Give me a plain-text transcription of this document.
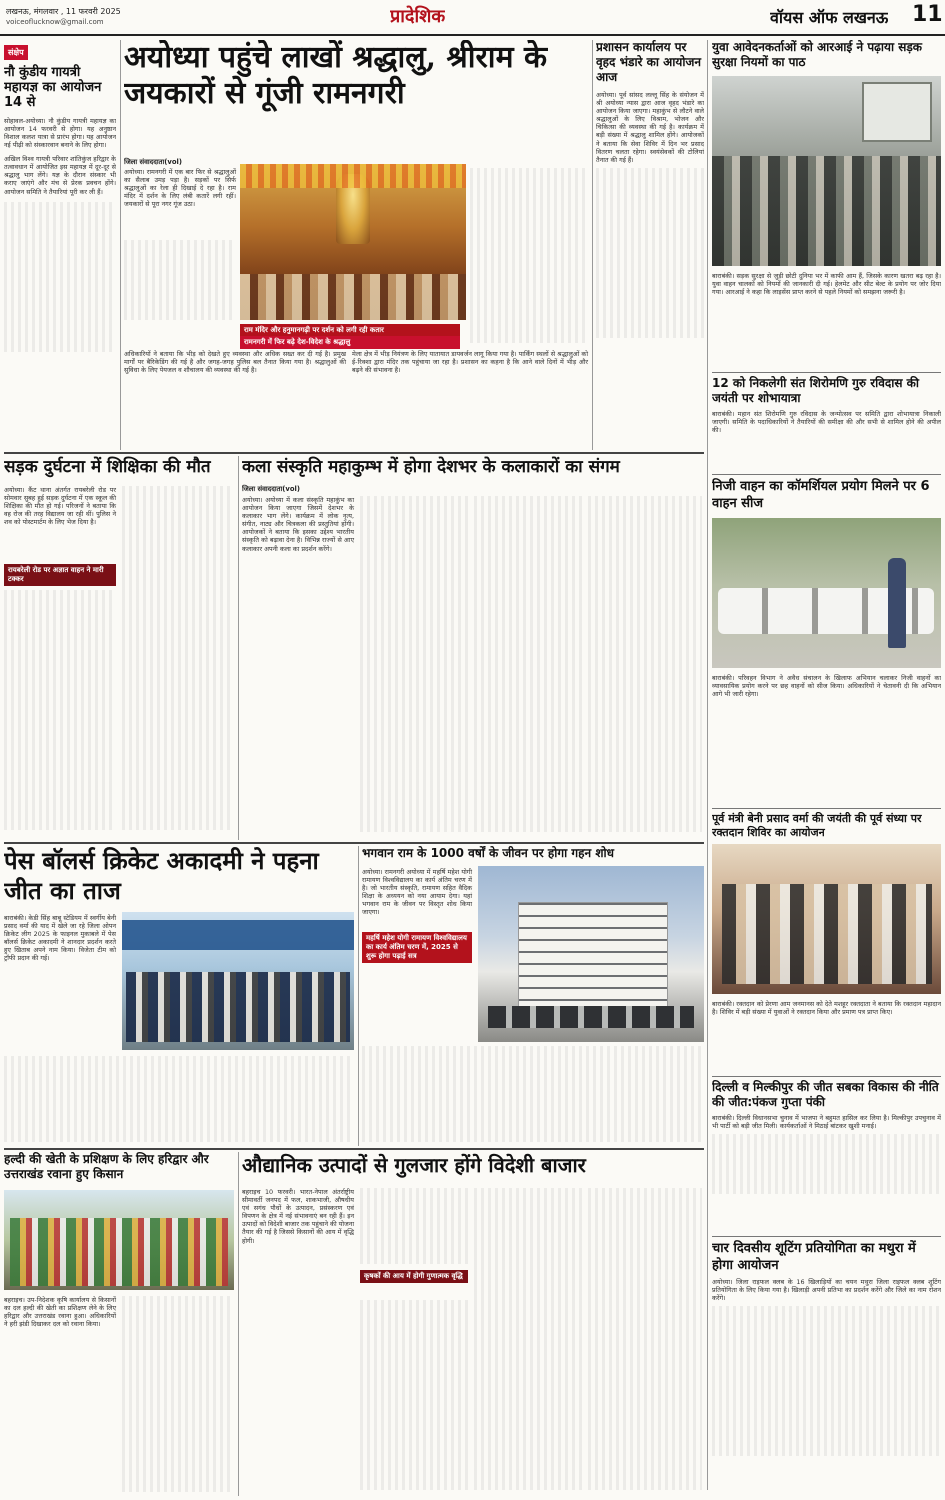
लखनऊ, मंगलवार , 11 फरवरी 2025
voiceoflucknow@gmail.com	प्रादेशिक	वॉयस ऑफ लखनऊ 11
संक्षेप
नौ कुंडीय गायत्री महायज्ञ का आयोजन 14 से
सोहावल-अयोध्या। नौ कुंडीय गायत्री महायज्ञ का आयोजन 14 फरवरी से होगा। यह अनुष्ठान विशाल कलश यात्रा से प्रारंभ होगा। यह आयोजन नई पीढ़ी को संस्कारवान बनाने के लिए होगा।
अखिल विश्व गायत्री परिवार शांतिकुंज हरिद्वार के तत्वावधान में आयोजित इस महायज्ञ में दूर-दूर से श्रद्धालु भाग लेंगे। यज्ञ के दौरान संस्कार भी कराए जाएंगे और मंच से प्रेरक प्रवचन होंगे। आयोजन समिति ने तैयारियां पूरी कर ली हैं।
अयोध्या पहुंचे लाखों श्रद्धालु, श्रीराम के जयकारों से गूंजी रामनगरी
जिला संवाददाता(vol)
अयोध्या। रामनगरी में एक बार फिर से श्रद्धालुओं का सैलाब उमड़ पड़ा है। सड़कों पर सिर्फ श्रद्धालुओं का रेला ही दिखाई दे रहा है। राम मंदिर में दर्शन के लिए लंबी कतारें लगी रहीं। जयकारों से पूरा नगर गूंज उठा।
राम मंदिर और हनुमानगढ़ी पर दर्शन को लगी रही कतार
रामनगरी में फिर बढ़े देश-विदेश के श्रद्धालु
अधिकारियों ने बताया कि भीड़ को देखते हुए व्यवस्था और अधिक सख्त कर दी गई है। प्रमुख मार्गों पर बैरिकेडिंग की गई है और जगह-जगह पुलिस बल तैनात किया गया है। श्रद्धालुओं की सुविधा के लिए पेयजल व शौचालय की व्यवस्था की गई है।
मेला क्षेत्र में भीड़ नियंत्रण के लिए यातायात डायवर्जन लागू किया गया है। पार्किंग स्थलों से श्रद्धालुओं को ई-रिक्शा द्वारा मंदिर तक पहुंचाया जा रहा है। प्रशासन का कहना है कि आने वाले दिनों में भीड़ और बढ़ने की संभावना है।
प्रशासन कार्यालय पर वृहद भंडारे का आयोजन आज
अयोध्या। पूर्व सांसद लल्लू सिंह के संयोजन में श्री अयोध्या न्यास द्वारा आज वृहद भंडारे का आयोजन किया जाएगा। महाकुंभ से लौटने वाले श्रद्धालुओं के लिए विश्राम, भोजन और चिकित्सा की व्यवस्था की गई है। कार्यक्रम में बड़ी संख्या में श्रद्धालु शामिल होंगे। आयोजकों ने बताया कि सेवा शिविर में दिन भर प्रसाद वितरण चलता रहेगा। स्वयंसेवकों की टोलियां तैनात की गई हैं।
युवा आवेदनकर्ताओं को आरआई ने पढ़ाया सड़क सुरक्षा नियमों का पाठ
बाराबंकी। सड़क सुरक्षा से जुड़ी छोटी दुनिया भर में काफी आम हैं, जिसके कारण खतरा बढ़ रहा है। युवा वाहन चालकों को नियमों की जानकारी दी गई। हेलमेट और सीट बेल्ट के प्रयोग पर जोर दिया गया। आरआई ने कहा कि लाइसेंस प्राप्त करने से पहले नियमों को समझना जरूरी है।
12 को निकलेगी संत शिरोमणि गुरु रविदास की जयंती पर शोभायात्रा
बाराबंकी। महान संत शिरोमणि गुरु रविदास के जन्मोत्सव पर समिति द्वारा शोभायात्रा निकाली जाएगी। समिति के पदाधिकारियों ने तैयारियों की समीक्षा की और सभी से शामिल होने की अपील की।
निजी वाहन का कॉमर्शियल प्रयोग मिलने पर 6 वाहन सीज
बाराबंकी। परिवहन विभाग ने अवैध संचालन के खिलाफ अभियान चलाकर निजी वाहनों का व्यावसायिक प्रयोग करने पर छह वाहनों को सीज किया। अधिकारियों ने चेतावनी दी कि अभियान आगे भी जारी रहेगा।
पूर्व मंत्री बेनी प्रसाद वर्मा की जयंती की पूर्व संध्या पर रक्तदान शिविर का आयोजन
बाराबंकी। रक्तदान को प्रेरणा आम जनमानस को देते मशहूर रक्तदाता ने बताया कि रक्तदान महादान है। शिविर में बड़ी संख्या में युवाओं ने रक्तदान किया और प्रमाण पत्र प्राप्त किए।
दिल्ली व मिल्कीपुर की जीत सबका विकास की नीति की जीत:पंकज गुप्ता पंकी
बाराबंकी। दिल्ली विधानसभा चुनाव में भाजपा ने बहुमत हासिल कर लिया है। मिल्कीपुर उपचुनाव में भी पार्टी को बड़ी जीत मिली। कार्यकर्ताओं ने मिठाई बांटकर खुशी मनाई।
चार दिवसीय शूटिंग प्रतियोगिता का मथुरा में होगा आयोजन
अयोध्या। जिला राइफल क्लब के 16 खिलाड़ियों का चयन मथुरा जिला राइफल क्लब शूटिंग प्रतियोगिता के लिए किया गया है। खिलाड़ी अपनी प्रतिभा का प्रदर्शन करेंगे और जिले का नाम रोशन करेंगे।
सड़क दुर्घटना में शिक्षिका की मौत
अयोध्या। कैंट थाना अंतर्गत रायबरेली रोड पर सोमवार सुबह हुई सड़क दुर्घटना में एक स्कूल की शिक्षिका की मौत हो गई। परिजनों ने बताया कि वह रोज की तरह विद्यालय जा रही थीं। पुलिस ने शव को पोस्टमार्टम के लिए भेज दिया है।
रायबरेली रोड पर अज्ञात वाहन ने मारी टक्कर
कला संस्कृति महाकुम्भ में होगा देशभर के कलाकारों का संगम
जिला संवाददाता(vol)
अयोध्या। अयोध्या में कला संस्कृति महाकुंभ का आयोजन किया जाएगा जिसमें देशभर के कलाकार भाग लेंगे। कार्यक्रम में लोक नृत्य, संगीत, नाट्य और चित्रकला की प्रस्तुतियां होंगी। आयोजकों ने बताया कि इसका उद्देश्य भारतीय संस्कृति को बढ़ावा देना है। विभिन्न राज्यों से आए कलाकार अपनी कला का प्रदर्शन करेंगे।
पेस बॉलर्स क्रिकेट अकादमी ने पहना जीत का ताज
बाराबंकी। केडी सिंह बाबू स्टेडियम में स्वर्गीय बेनी प्रसाद वर्मा की याद में खेले जा रहे जिला ओपन क्रिकेट लीग 2025 के फाइनल मुकाबले में पेस बॉलर्स क्रिकेट अकादमी ने शानदार प्रदर्शन करते हुए खिताब अपने नाम किया। विजेता टीम को ट्रॉफी प्रदान की गई।
भगवान राम के 1000 वर्षों के जीवन पर होगा गहन शोध
अयोध्या। रामनगरी अयोध्या में महर्षि महेश योगी रामायण विश्वविद्यालय का कार्य अंतिम चरण में है। जो भारतीय संस्कृति, रामायण सहित वैदिक शिक्षा के अध्ययन को नया आयाम देगा। यहां भगवान राम के जीवन पर विस्तृत शोध किया जाएगा।
महर्षि महेश योगी रामायण विश्वविद्यालय का कार्य अंतिम चरण में, 2025 से शुरू होगा पढ़ाई सत्र
हल्दी की खेती के प्रशिक्षण के लिए हरिद्वार और उत्तराखंड रवाना हुए किसान
बहराइच। उप-निदेशक कृषि कार्यालय से किसानों का दल हल्दी की खेती का प्रशिक्षण लेने के लिए हरिद्वार और उत्तराखंड रवाना हुआ। अधिकारियों ने हरी झंडी दिखाकर दल को रवाना किया।
औद्यानिक उत्पादों से गुलजार होंगे विदेशी बाजार
बहराइच 10 फरवरी। भारत-नेपाल अंतर्राष्ट्रीय सीमावर्ती जनपद में फल, शाकभाजी, औषधीय एवं सगंध पौधों के उत्पादन, प्रसंस्करण एवं विपणन के क्षेत्र में नई संभावनाएं बन रही हैं। इन उत्पादों को विदेशी बाजार तक पहुंचाने की योजना तैयार की गई है जिससे किसानों की आय में वृद्धि होगी।
कृषकों की आय में होगी गुणात्मक वृद्धि
